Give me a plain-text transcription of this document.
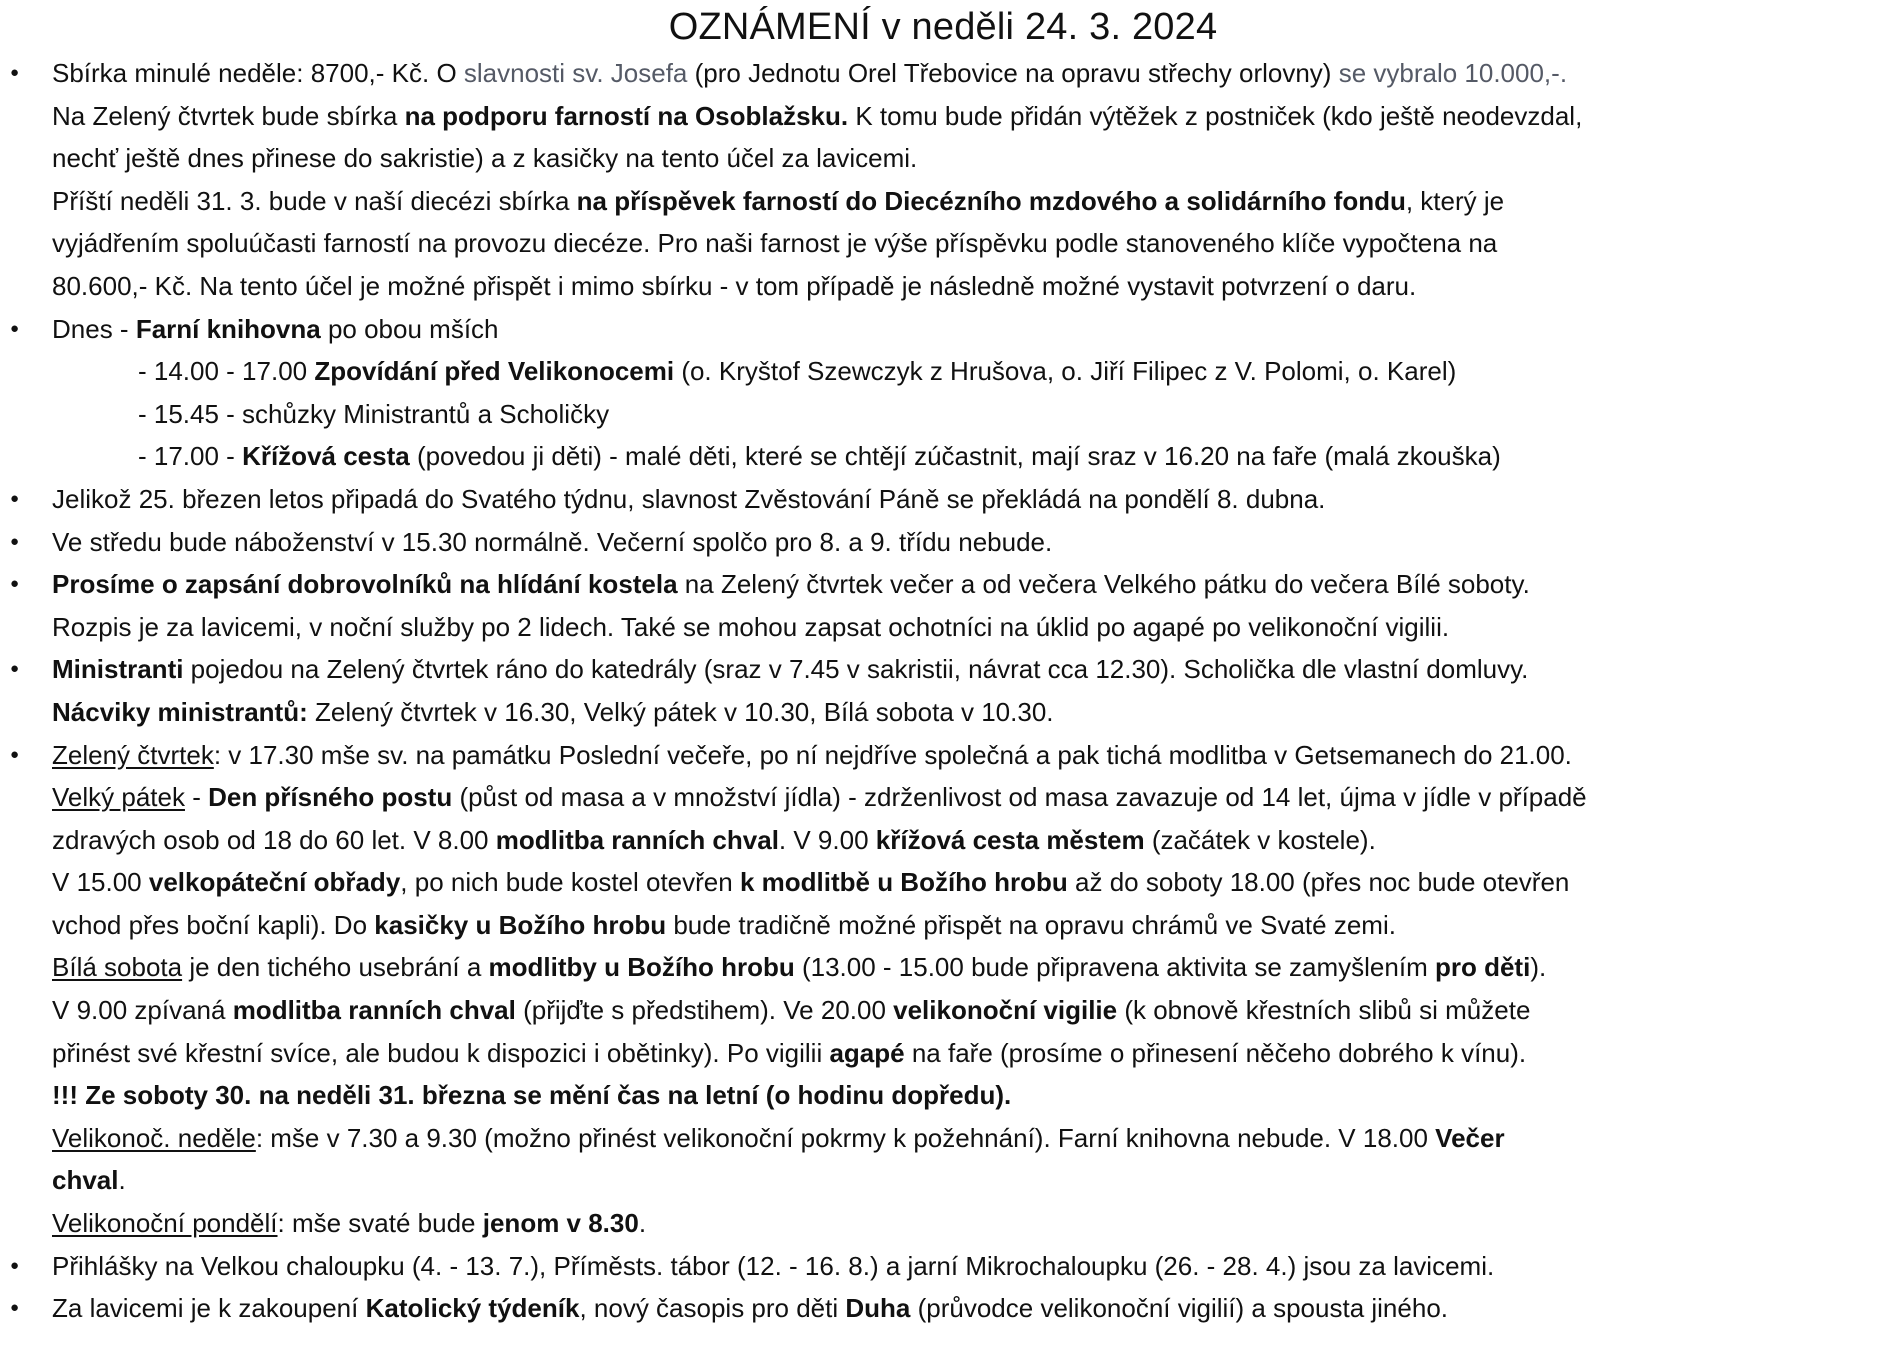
OZNÁMENÍ v neděli 24. 3. 2024
● Sbírka minulé neděle: 8700,- Kč. O slavnosti sv. Josefa (pro Jednotu Orel Třebovice na opravu střechy orlovny) se vybralo 10.000,-.
Na Zelený čtvrtek bude sbírka na podporu farností na Osoblažsku. K tomu bude přidán výtěžek z postniček (kdo ještě neodevzdal,
nechť ještě dnes přinese do sakristie) a z kasičky na tento účel za lavicemi.
Příští neděli 31. 3. bude v naší diecézi sbírka na příspěvek farností do Diecézního mzdového a solidárního fondu, který je
vyjádřením spoluúčasti farností na provozu diecéze. Pro naši farnost je výše příspěvku podle stanoveného klíče vypočtena na
80.600,- Kč. Na tento účel je možné přispět i mimo sbírku - v tom případě je následně možné vystavit potvrzení o daru.
● Dnes - Farní knihovna po obou mších
- 14.00 - 17.00 Zpovídání před Velikonocemi (o. Kryštof Szewczyk z Hrušova, o. Jiří Filipec z V. Polomi, o. Karel)
- 15.45 - schůzky Ministrantů a Scholičky
- 17.00 - Křížová cesta (povedou ji děti) - malé děti, které se chtějí zúčastnit, mají sraz v 16.20 na faře (malá zkouška)
● Jelikož 25. březen letos připadá do Svatého týdnu, slavnost Zvěstování Páně se překládá na pondělí 8. dubna.
● Ve středu bude náboženství v 15.30 normálně. Večerní spolčo pro 8. a 9. třídu nebude.
● Prosíme o zapsání dobrovolníků na hlídání kostela na Zelený čtvrtek večer a od večera Velkého pátku do večera Bílé soboty.
Rozpis je za lavicemi, v noční služby po 2 lidech. Také se mohou zapsat ochotníci na úklid po agapé po velikonoční vigilii.
● Ministranti pojedou na Zelený čtvrtek ráno do katedrály (sraz v 7.45 v sakristii, návrat cca 12.30). Scholička dle vlastní domluvy.
Nácviky ministrantů: Zelený čtvrtek v 16.30, Velký pátek v 10.30, Bílá sobota v 10.30.
● Zelený čtvrtek: v 17.30 mše sv. na památku Poslední večeře, po ní nejdříve společná a pak tichá modlitba v Getsemanech do 21.00.
Velký pátek - Den přísného postu (půst od masa a v množství jídla) - zdrženlivost od masa zavazuje od 14 let, újma v jídle v případě
zdravých osob od 18 do 60 let. V 8.00 modlitba ranních chval. V 9.00 křížová cesta městem (začátek v kostele).
V 15.00 velkopáteční obřady, po nich bude kostel otevřen k modlitbě u Božího hrobu až do soboty 18.00 (přes noc bude otevřen
vchod přes boční kapli). Do kasičky u Božího hrobu bude tradičně možné přispět na opravu chrámů ve Svaté zemi.
Bílá sobota je den tichého usebrání a modlitby u Božího hrobu (13.00 - 15.00 bude připravena aktivita se zamyšlením pro děti).
V 9.00 zpívaná modlitba ranních chval (přijďte s předstihem). Ve 20.00 velikonoční vigilie (k obnově křestních slibů si můžete
přinést své křestní svíce, ale budou k dispozici i obětinky). Po vigilii agapé na faře (prosíme o přinesení něčeho dobrého k vínu).
!!! Ze soboty 30. na neděli 31. března se mění čas na letní (o hodinu dopředu).
Velikonoč. neděle: mše v 7.30 a 9.30 (možno přinést velikonoční pokrmy k požehnání). Farní knihovna nebude. V 18.00 Večer
chval.
Velikonoční pondělí: mše svaté bude jenom v 8.30.
● Přihlášky na Velkou chaloupku (4. - 13. 7.), Příměsts. tábor (12. - 16. 8.) a jarní Mikrochaloupku (26. - 28. 4.) jsou za lavicemi.
● Za lavicemi je k zakoupení Katolický týdeník, nový časopis pro děti Duha (průvodce velikonoční vigilií) a spousta jiného.
